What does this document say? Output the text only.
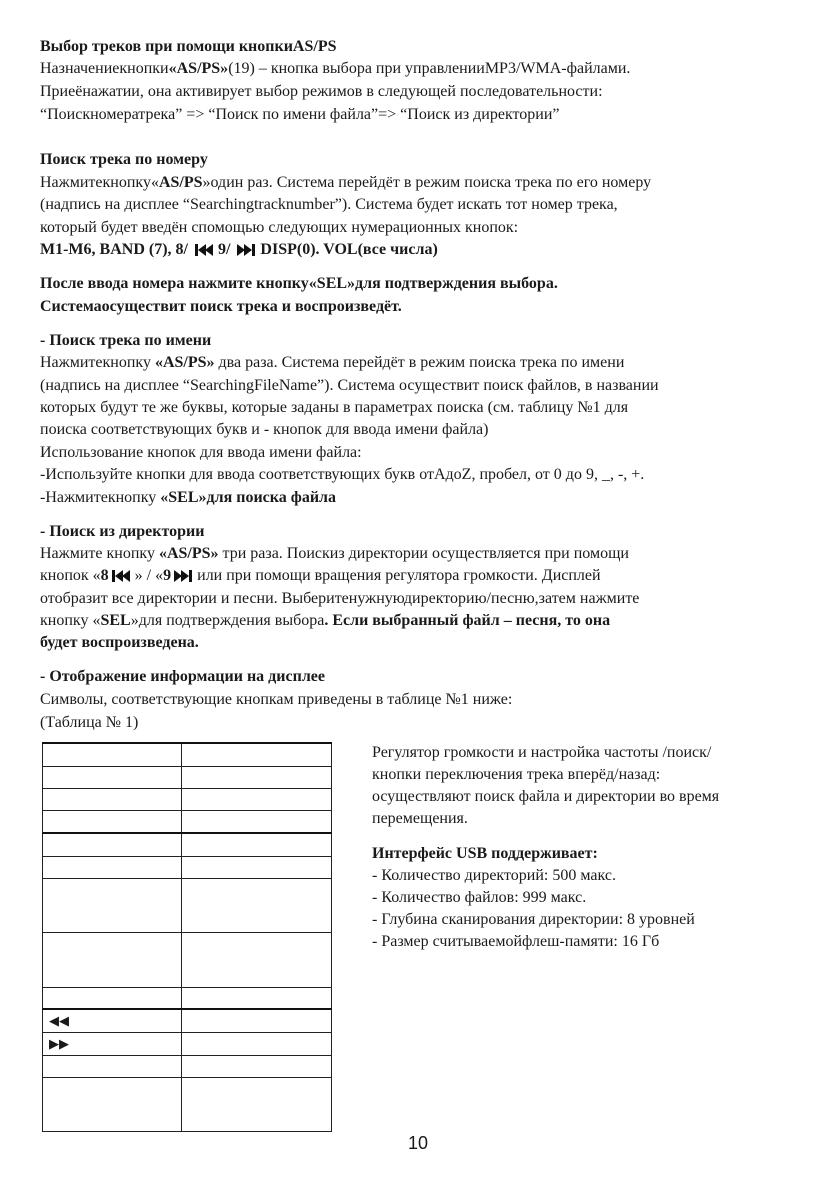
Выбор треков при помощи кнопкиAS/PS
Назначениекнопки«AS/PS»(19) – кнопка выбора при управленииMP3/WMA-файлами.
Приеёнажатии, она активирует выбор режимов в следующей последовательности:
“Поискномератрека” => “Поиск по имени файла”=> “Поиск из директории”
Поиск трека по номеру
Нажмитекнопку«AS/PS»один раз. Система перейдёт в режим поиска трека по его номеру
(надпись на дисплее “Searchingtracknumber”). Система будет искать тот номер трека,
который будет введён спомощью следующих нумерационных кнопок:
M1-M6, BAND (7), 8/ 9/ DISP(0). VOL(все числа)
После ввода номера нажмите кнопку«SEL»для подтверждения выбора.
Системаосуществит поиск трека и воспроизведёт.
- Поиск трека по имени
Нажмитекнопку «AS/PS» два раза. Система перейдёт в режим поиска трека по имени
(надпись на дисплее “SearchingFileName”). Система осуществит поиск файлов, в названии
которых будут те же буквы, которые заданы в параметрах поиска (см. таблицу №1 для
поиска соответствующих букв и - кнопок для ввода имени файла)
Использование кнопок для ввода имени файла:
-Используйте кнопки для ввода соответствующих букв отAдоZ, пробел, от 0 до 9, _, -, +.
-Нажмитекнопку «SEL»для поиска файла
- Поиск из директории
Нажмите кнопку «AS/PS» три раза. Поискиз директории осуществляется при помощи
кнопок «8 » / «9 или при помощи вращения регулятора громкости. Дисплей
отобразит все директории и песни. Выберитенужнуюдиректорию/песню,затем нажмите
кнопку «SEL»для подтверждения выбора. Если выбранный файл – песня, то она
будет воспроизведена.
- Отображение информации на дисплее
Символы, соответствующие кнопкам приведены в таблице №1 ниже:
(Таблица № 1)
Регулятор громкости и настройка частоты /поиск/
кнопки переключения трека вперёд/назад:
осуществляют поиск файла и директории во время
перемещения.
Интерфейс USB поддерживает:
- Количество директорий: 500 макс.
- Количество файлов: 999 макс.
- Глубина сканирования директории: 8 уровней
- Размер считываемойфлеш-памяти: 16 Гб

◀◀	
▶▶	

10
